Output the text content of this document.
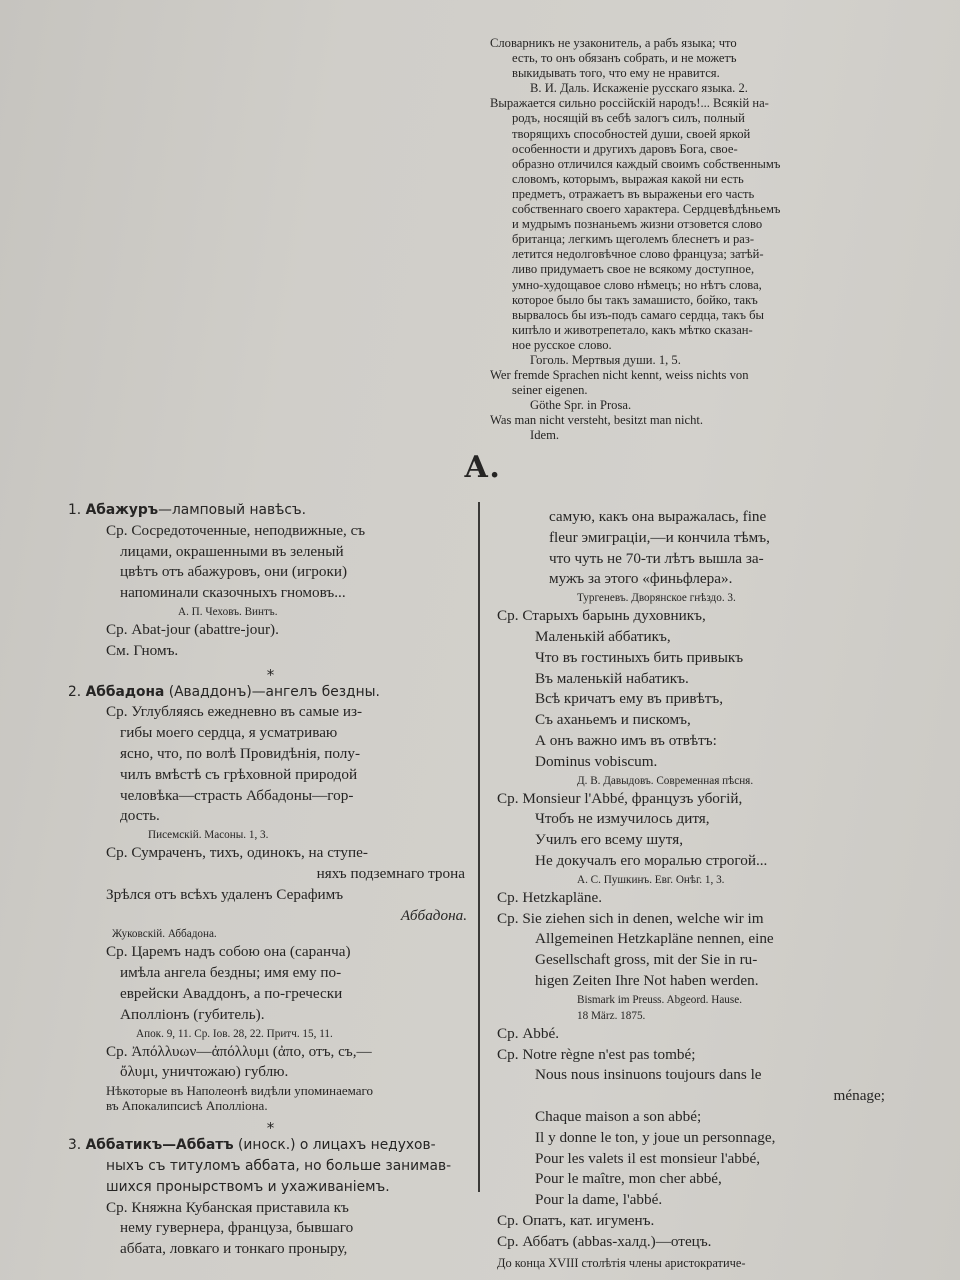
Словарникъ не узаконитель, а рабъ языка; что
есть, то онъ обязанъ собрать, и не можетъ
выкидывать того, что ему не нравится.
В. И. Даль. Искаженіе русскаго языка. 2.
Выражается сильно россійскій народъ!... Всякій на-
родъ, носящій въ себѣ залогъ силъ, полный
творящихъ способностей души, своей яркой
особенности и другихъ даровъ Бога, свое-
образно отличился каждый своимъ собственнымъ
словомъ, которымъ, выражая какой ни есть
предметъ, отражаетъ въ выраженьи его часть
собственнаго своего характера. Сердцевѣдѣньемъ
и мудрымъ познаньемъ жизни отзовется слово
британца; легкимъ щеголемъ блеснетъ и раз-
летится недолговѣчное слово француза; затѣй-
ливо придумаетъ свое не всякому доступное,
умно-худощавое слово нѣмецъ; но нѣтъ слова,
которое было бы такъ замашисто, бойко, такъ
вырвалось бы изъ-подъ самаго сердца, такъ бы
кипѣло и животрепетало, какъ мѣтко сказан-
ное русское слово.
Гоголь. Мертвыя души. 1, 5.
Wer fremde Sprachen nicht kennt, weiss nichts von
seiner eigenen.
Göthe Spr. in Prosa.
Was man nicht versteht, besitzt man nicht.
Idem.
А.
1. Абажуръ—ламповый навѣсъ.
Ср. Сосредоточенные, неподвижные, съ
лицами, окрашенными въ зеленый
цвѣтъ отъ абажуровъ, они (игроки)
напоминали сказочныхъ гномовъ...
А. П. Чеховъ. Винтъ.
Ср. Abat-jour (abattre-jour).
См. Гномъ.
*
2. Аббадона (Аваддонъ)—ангелъ бездны.
Ср. Углубляясь ежедневно въ самые из-
гибы моего сердца, я усматриваю
ясно, что, по волѣ Провидѣнія, полу-
чилъ вмѣстѣ съ грѣховной природой
человѣка—страсть Аббадоны—гор-
дость.
Писемскій. Масоны. 1, 3.
Ср. Сумраченъ, тихъ, одинокъ, на ступе-
няхъ подземнаго трона
Зрѣлся отъ всѣхъ удаленъ Серафимъ
Аббадона.
Жуковскій. Аббадона.
Ср. Царемъ надъ собою она (саранча)
имѣла ангела бездны; имя ему по-
еврейски Аваддонъ, а по-гречески
Аполліонъ (губитель).
Апок. 9, 11. Ср. Іов. 28, 22. Притч. 15, 11.
Ср. Ἀπόλλυων—ἀπόλλυμι (ἀπο, отъ, съ,—
ὄλυμι, уничтожаю) гублю.
Нѣкоторые въ Наполеонѣ видѣли упоминаемаго
въ Апокалипсисѣ Аполліона.
*
3. Аббатикъ—Аббатъ (иноск.) о лицахъ недухов-
ныхъ съ титуломъ аббата, но больше занимав-
шихся пронырствомъ и ухаживаніемъ.
Ср. Княжна Кубанская приставила къ
нему гувернера, француза, бывшаго
аббата, ловкаго и тонкаго проныру,
самую, какъ она выражалась, fine
fleur эмиграціи,—и кончила тѣмъ,
что чуть не 70-ти лѣтъ вышла за-
мужъ за этого «финьфлера».
Тургеневъ. Дворянское гнѣздо. 3.
Ср. Старыхъ барынь духовникъ,
Маленькій аббатикъ,
Что въ гостиныхъ бить привыкъ
Въ маленькій набатикъ.
Всѣ кричатъ ему въ привѣтъ,
Съ аханьемъ и пискомъ,
А онъ важно имъ въ отвѣтъ:
Dominus vobiscum.
Д. В. Давыдовъ. Современная пѣсня.
Ср. Monsieur l'Abbé, французъ убогій,
Чтобъ не измучилось дитя,
Училъ его всему шутя,
Не докучалъ его моралью строгой...
А. С. Пушкинъ. Евг. Онѣг. 1, 3.
Ср. Hetzkapläne.
Ср. Sie ziehen sich in denen, welche wir im
Allgemeinen Hetzkapläne nennen, eine
Gesellschaft gross, mit der Sie in ru-
higen Zeiten Ihre Not haben werden.
Bismark im Preuss. Abgeord. Hause.
18 März. 1875.
Ср. Abbé.
Ср. Notre règne n'est pas tombé;
Nous nous insinuons toujours dans le
ménage;
Chaque maison a son abbé;
Il y donne le ton, y joue un personnage,
Pour les valets il est monsieur l'abbé,
Pour le maître, mon cher abbé,
Pour la dame, l'abbé.
Ср. Опатъ, кат. игуменъ.
Ср. Аббатъ (abbas-халд.)—отецъ.
До конца XVIII столѣтія члены аристократиче-
